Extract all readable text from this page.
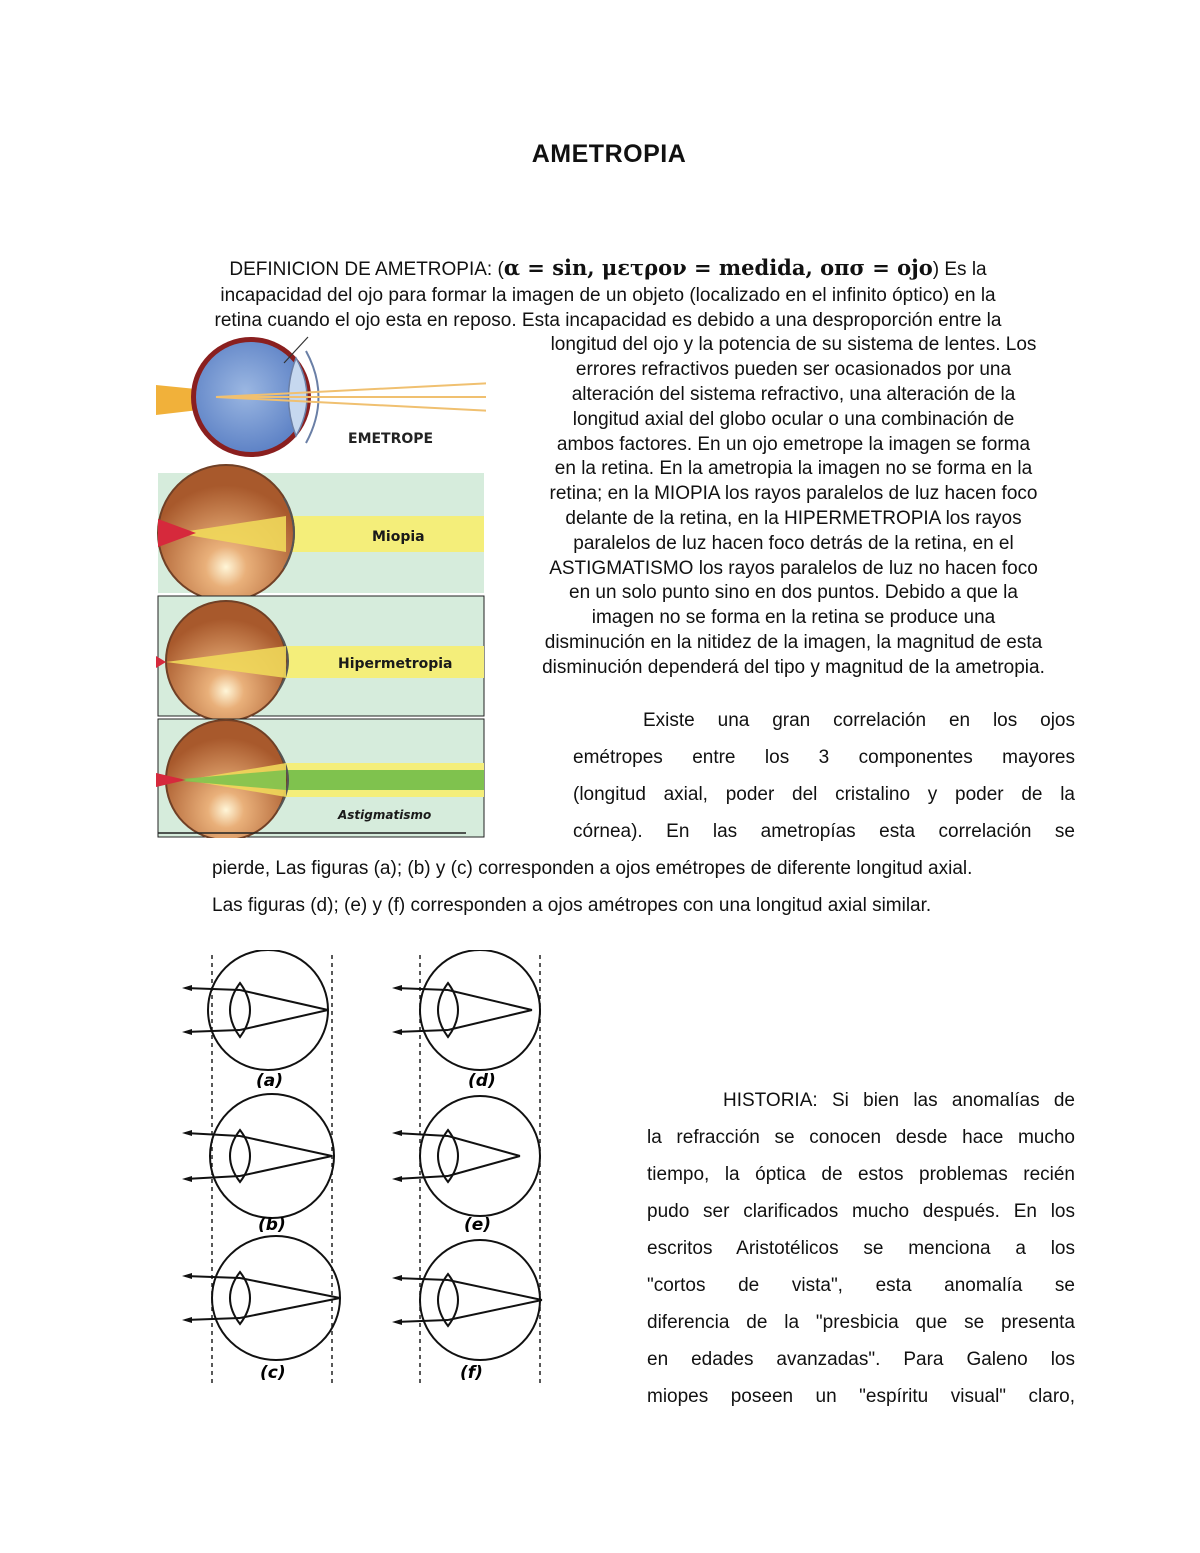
AMETROPIA
DEFINICION DE AMETROPIA: (α = sin, μετρον = medida, οπσ = ojo) Es la
incapacidad del ojo para formar la imagen de un objeto (localizado en el infinito óptico) en la
retina cuando el ojo esta en reposo. Esta incapacidad es debido a una desproporción entre la
longitud del ojo y la potencia de su sistema de lentes. Los
errores refractivos pueden ser ocasionados por una
alteración del sistema refractivo, una alteración de la
longitud axial del globo ocular o una combinación de
ambos factores. En un ojo emetrope la imagen se forma
en la retina. En la ametropia la imagen no se forma en la
retina; en la MIOPIA los rayos paralelos de luz hacen foco
delante de la retina, en la HIPERMETROPIA los rayos
paralelos de luz hacen foco detrás de la retina, en el
ASTIGMATISMO los rayos paralelos de luz no hacen foco
en un solo punto sino en dos puntos. Debido a que la
imagen no se forma en la retina se produce una
disminución en la nitidez de la imagen, la magnitud de esta
disminución dependerá del tipo y magnitud de la ametropia.
EMETROPE
Miopia
Hipermetropia
Astigmatismo
Existe una gran correlación en los ojos
emétropes entre los 3 componentes mayores
(longitud axial, poder del cristalino y poder de la
córnea). En las ametropías esta correlación se
pierde, Las figuras (a); (b) y (c) corresponden a ojos emétropes de diferente longitud axial.
Las figuras (d); (e) y (f) corresponden a ojos amétropes con una longitud axial similar.
(a)
(b)
(c)
(d)
(e)
(f)
HISTORIA: Si bien las anomalías de
la refracción se conocen desde hace mucho
tiempo, la óptica de estos problemas recién
pudo ser clarificados mucho después. En los
escritos Aristotélicos se menciona a los
"cortos de vista", esta anomalía se
diferencia de la "presbicia que se presenta
en edades avanzadas". Para Galeno los
miopes poseen un "espíritu visual" claro,
